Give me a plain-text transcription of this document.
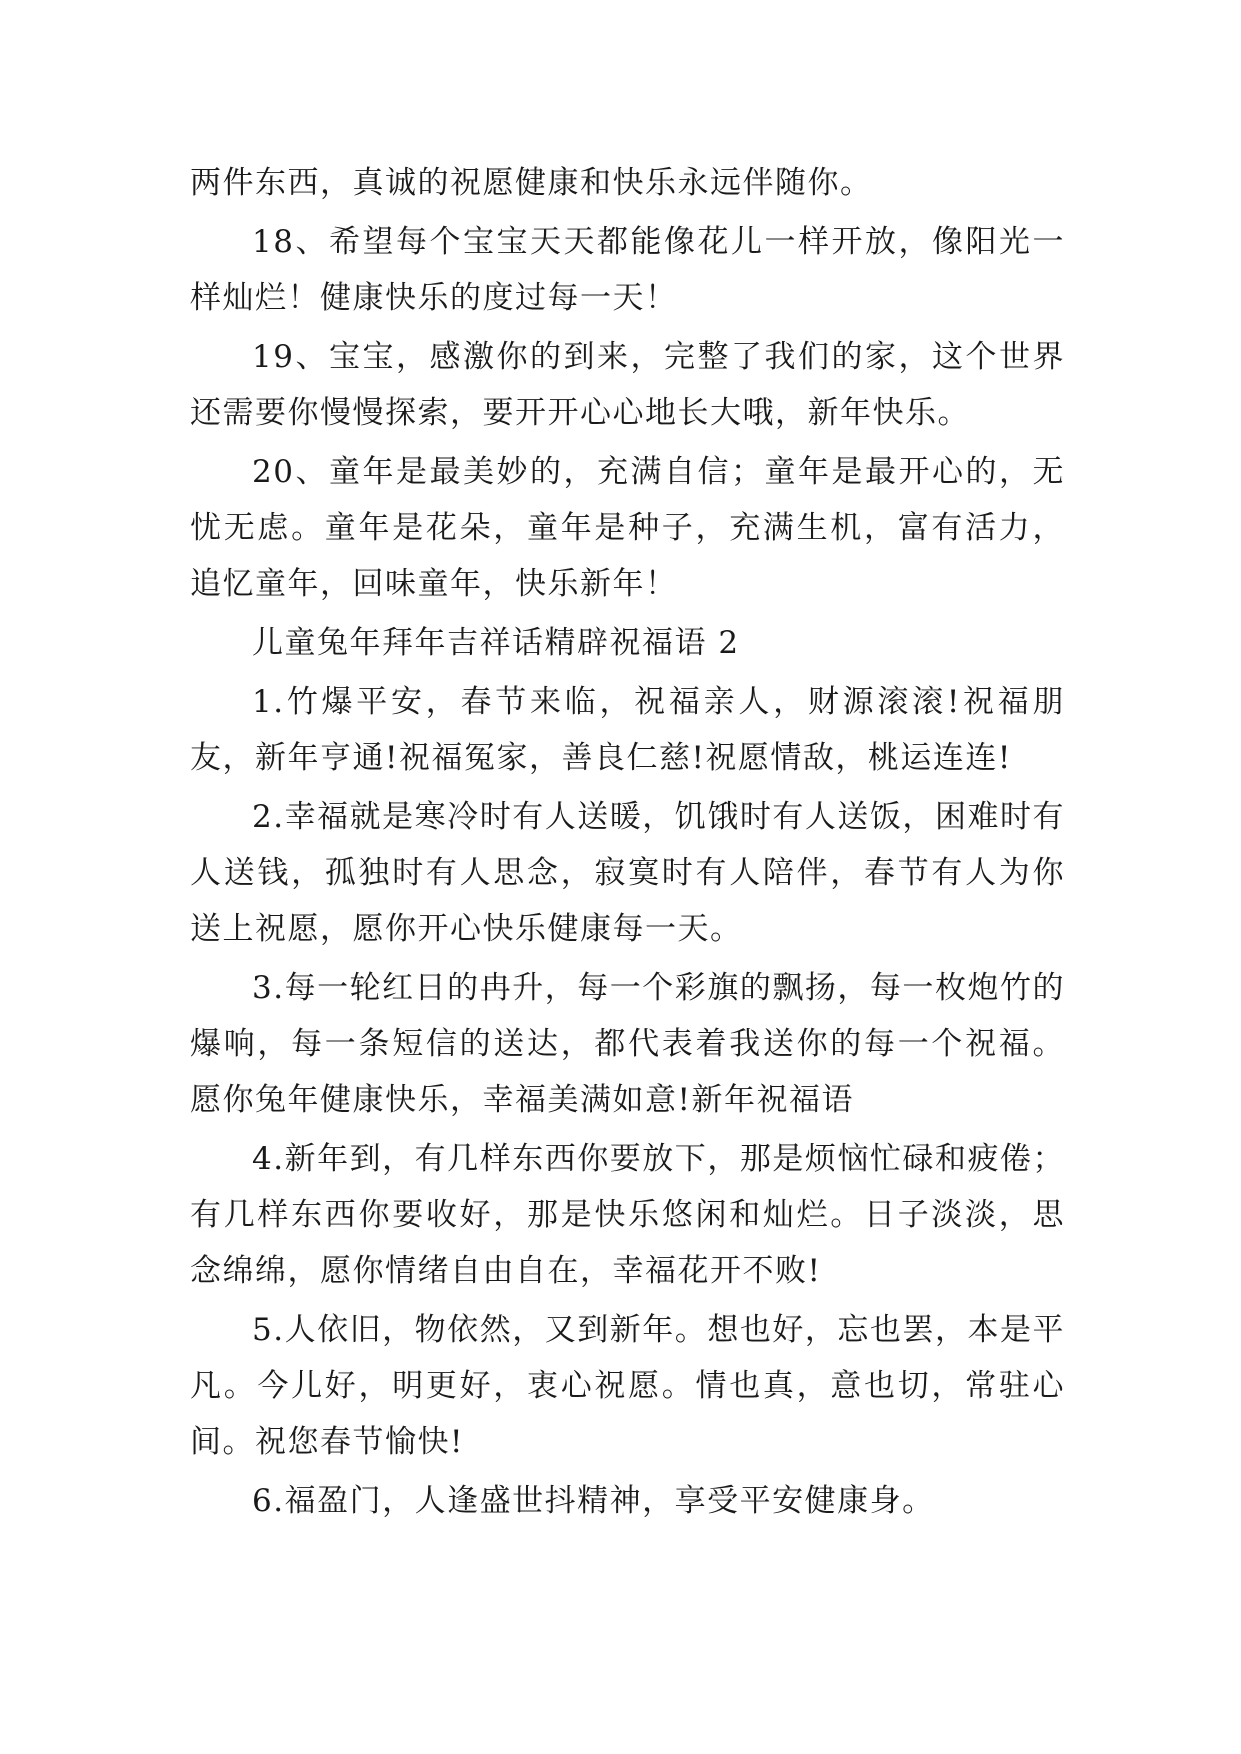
两件东西，真诚的祝愿健康和快乐永远伴随你。

18、希望每个宝宝天天都能像花儿一样开放，像阳光一样灿烂！健康快乐的度过每一天！

19、宝宝，感激你的到来，完整了我们的家，这个世界还需要你慢慢探索，要开开心心地长大哦，新年快乐。

20、童年是最美妙的，充满自信；童年是最开心的，无忧无虑。童年是花朵，童年是种子，充满生机，富有活力，追忆童年，回味童年，快乐新年！

儿童兔年拜年吉祥话精辟祝福语 2

1.竹爆平安，春节来临，祝福亲人，财源滚滚!祝福朋友，新年亨通!祝福冤家，善良仁慈!祝愿情敌，桃运连连!

2.幸福就是寒冷时有人送暖，饥饿时有人送饭，困难时有人送钱，孤独时有人思念，寂寞时有人陪伴，春节有人为你送上祝愿，愿你开心快乐健康每一天。

3.每一轮红日的冉升，每一个彩旗的飘扬，每一枚炮竹的爆响，每一条短信的送达，都代表着我送你的每一个祝福。愿你兔年健康快乐，幸福美满如意!新年祝福语

4.新年到，有几样东西你要放下，那是烦恼忙碌和疲倦；有几样东西你要收好，那是快乐悠闲和灿烂。日子淡淡，思念绵绵，愿你情绪自由自在，幸福花开不败!

5.人依旧，物依然，又到新年。想也好，忘也罢，本是平凡。今儿好，明更好，衷心祝愿。情也真，意也切，常驻心间。祝您春节愉快!

6.福盈门，人逢盛世抖精神，享受平安健康身。
